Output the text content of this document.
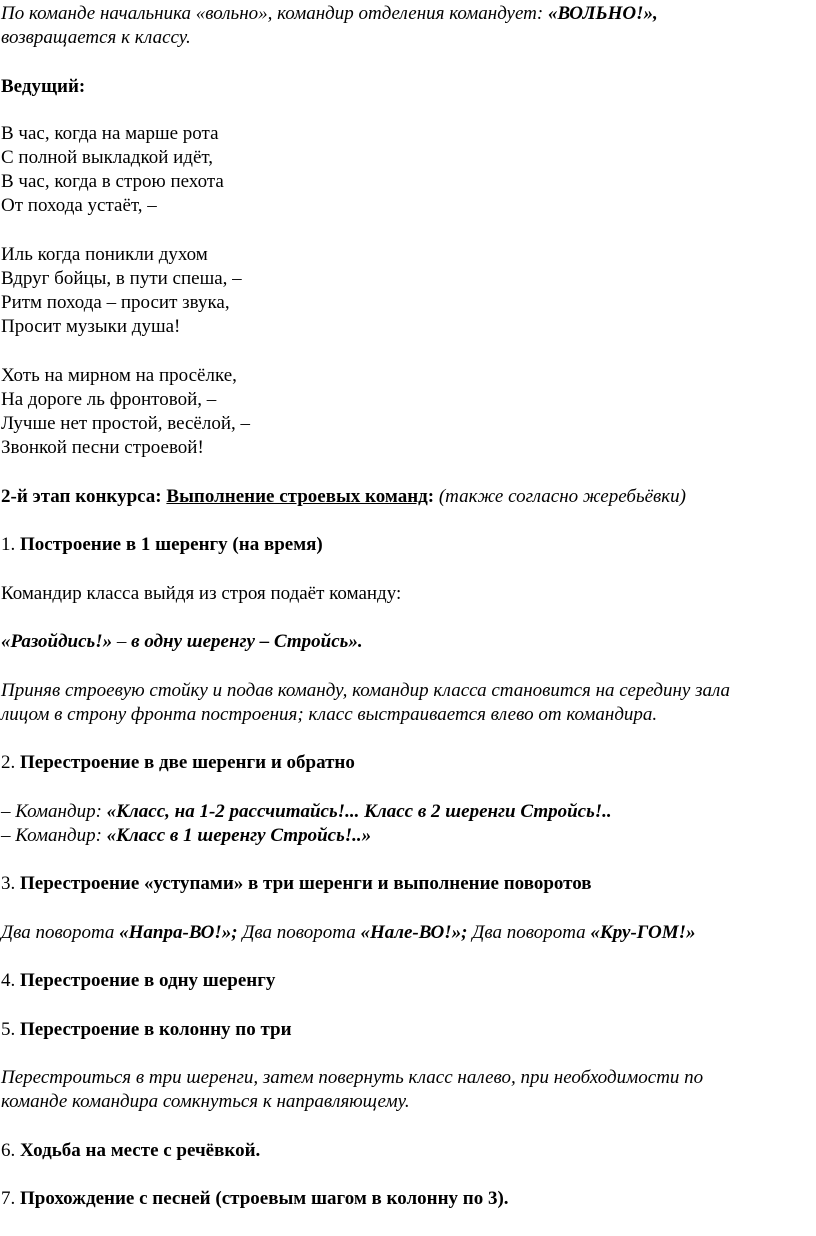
По команде начальника «вольно», командир отделения командует: «ВОЛЬНО!»,
возвращается к классу.
Ведущий:
В час, когда на марше рота
С полной выкладкой идёт,
В час, когда в строю пехота
От похода устаёт, –
Иль когда поникли духом
Вдруг бойцы, в пути спеша, –
Ритм похода – просит звука,
Просит музыки душа!
Хоть на мирном на просёлке,
На дороге ль фронтовой, –
Лучше нет простой, весёлой, –
Звонкой песни строевой!
2-й этап конкурса: Выполнение строевых команд: (также согласно жеребьёвки)
1. Построение в 1 шеренгу (на время)
Командир класса выйдя из строя подаёт команду:
«Разойдись!» – в одну шеренгу – Стройсь».
Приняв строевую стойку и подав команду, командир класса становится на середину зала
лицом в строну фронта построения; класс выстраивается влево от командира.
2. Перестроение в две шеренги и обратно
– Командир: «Класс, на 1-2 рассчитайсь!... Класс в 2 шеренги Стройсь!..
– Командир: «Класс в 1 шеренгу Стройсь!..»
3. Перестроение «уступами» в три шеренги и выполнение поворотов
Два поворота «Напра-ВО!»; Два поворота «Нале-ВО!»; Два поворота «Кру-ГОМ!»
4. Перестроение в одну шеренгу
5. Перестроение в колонну по три
Перестроиться в три шеренги, затем повернуть класс налево, при необходимости по
команде командира сомкнуться к направляющему.
6. Ходьба на месте с речёвкой.
7. Прохождение с песней (строевым шагом в колонну по 3).
